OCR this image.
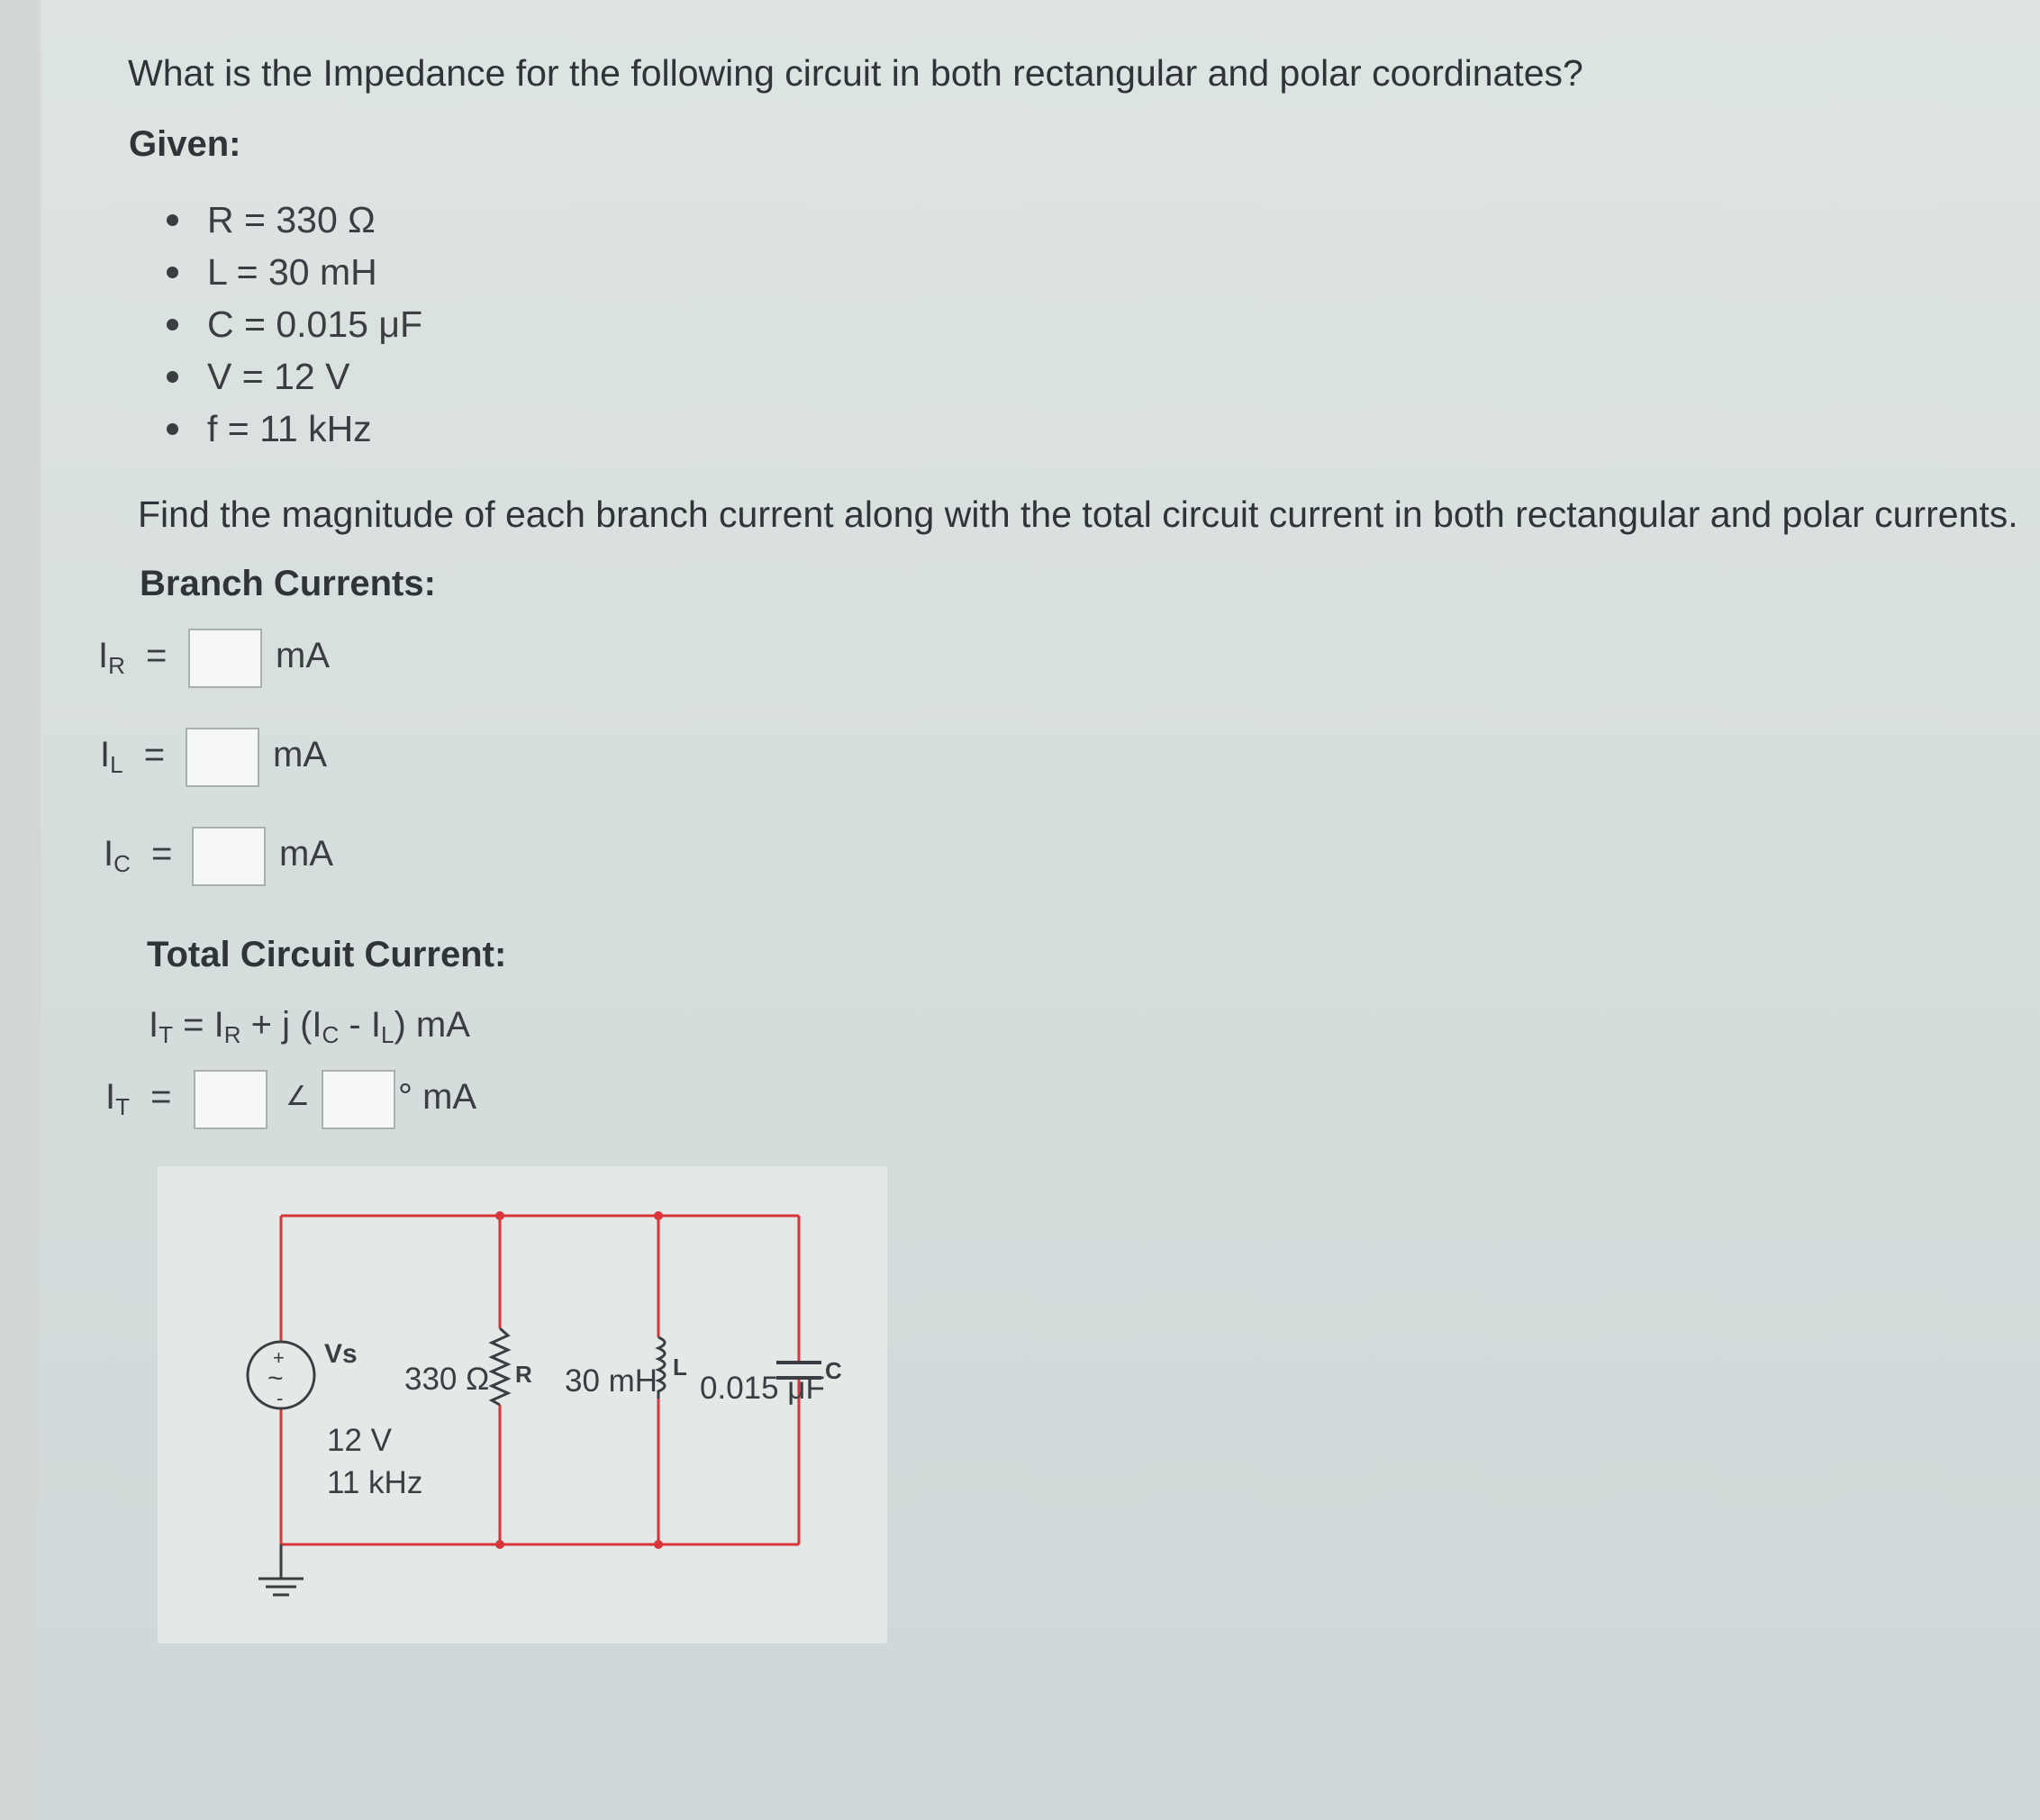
What is the Impedance for the following circuit in both rectangular and polar coordinates?
Given:
R = 330 Ω
L = 30 mH
C = 0.015 μF
V = 12 V
f = 11 kHz
Find the magnitude of each branch current along with the total circuit current in both rectangular and polar currents.
Branch Currents:
$I_R$ =	mA
$I_L$ =	mA
$I_C$ =	mA
Total Circuit Current:
$I_T = I_R + j$ $(I_C - I_L)$ mA
$I_T$ =	∠ ° mA
+
~
-
Vs
12 V
11 kHz
330 Ω R 30 mH L
0.015 μF C
